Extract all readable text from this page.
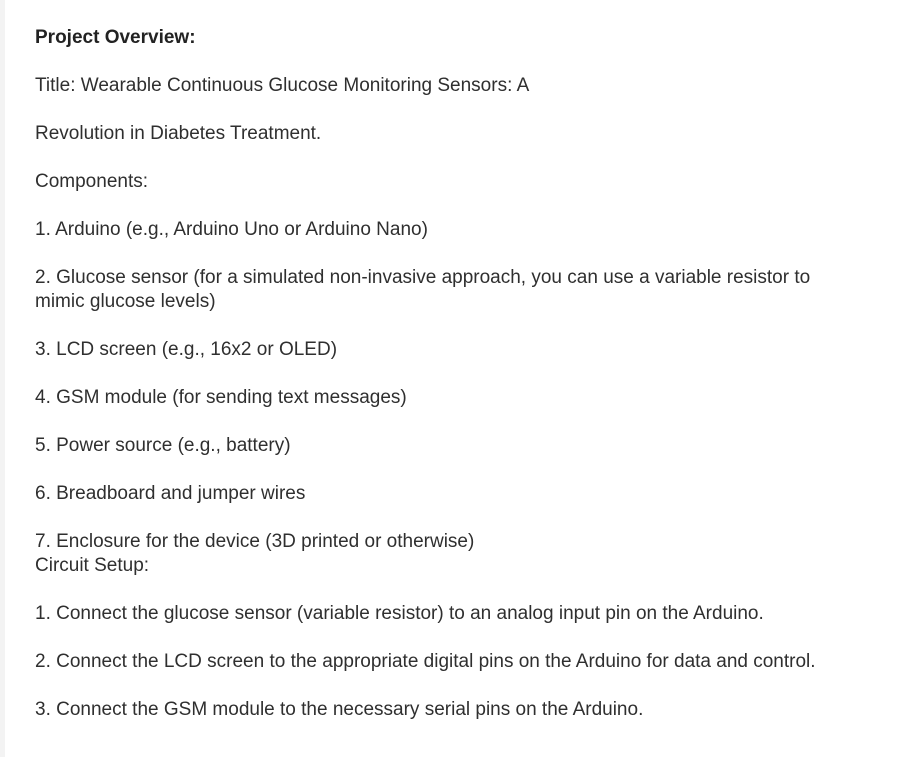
Project Overview:
Title: Wearable Continuous Glucose Monitoring Sensors: A
Revolution in Diabetes Treatment.
Components:
1. Arduino (e.g., Arduino Uno or Arduino Nano)
2. Glucose sensor (for a simulated non-invasive approach, you can use a variable resistor to mimic glucose levels)
3. LCD screen (e.g., 16x2 or OLED)
4. GSM module (for sending text messages)
5. Power source (e.g., battery)
6. Breadboard and jumper wires
7. Enclosure for the device (3D printed or otherwise)
Circuit Setup:
1. Connect the glucose sensor (variable resistor) to an analog input pin on the Arduino.
2. Connect the LCD screen to the appropriate digital pins on the Arduino for data and control.
3. Connect the GSM module to the necessary serial pins on the Arduino.
